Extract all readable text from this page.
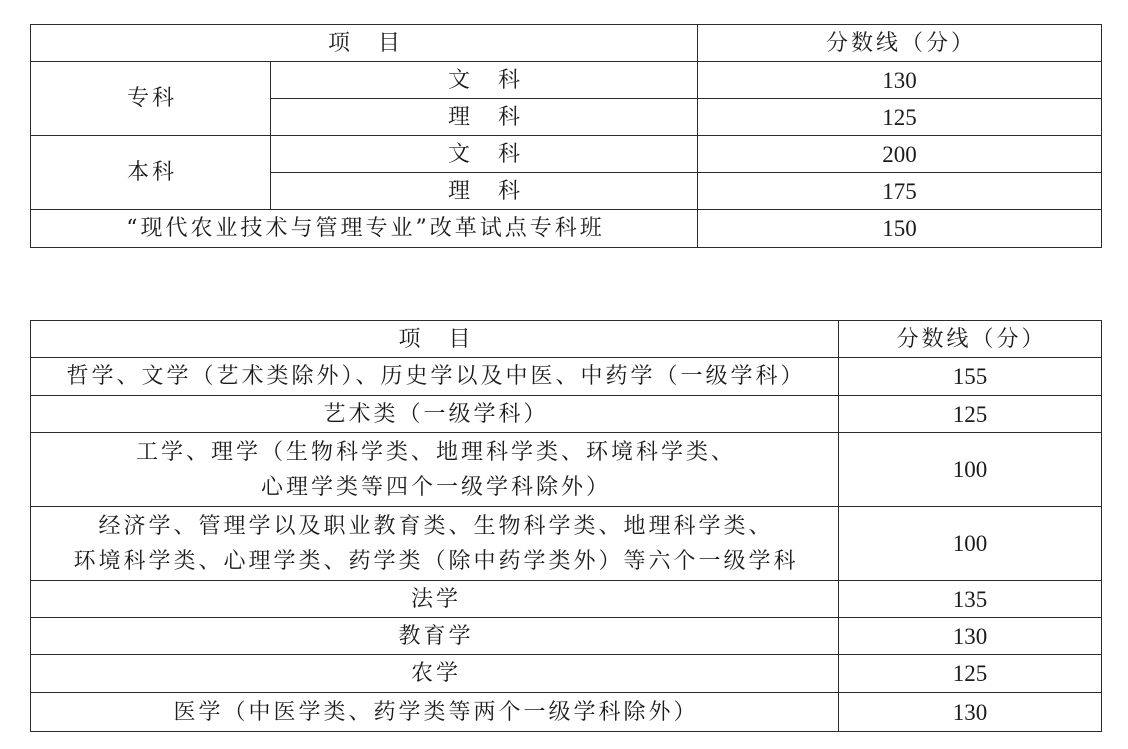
项　目		分数线（分）
专科	文　科	130
	理　科	125
本科	文　科	200
	理　科	175
“现代农业技术与管理专业”改革试点专科班		150
项　目	分数线（分）

哲学、文学（艺术类除外）、历史学以及中医、中药学（一级学科）	155

艺术类（一级学科）	125

工学、理学（生物科学类、地理科学类、环境科学类、
心理学类等四个一级学科除外）	100

经济学、管理学以及职业教育类、生物科学类、地理科学类、
环境科学类、心理学类、药学类（除中药学类外）等六个一级学科	100

法学	135

教育学	130

农学	125

医学（中医学类、药学类等两个一级学科除外）	130
